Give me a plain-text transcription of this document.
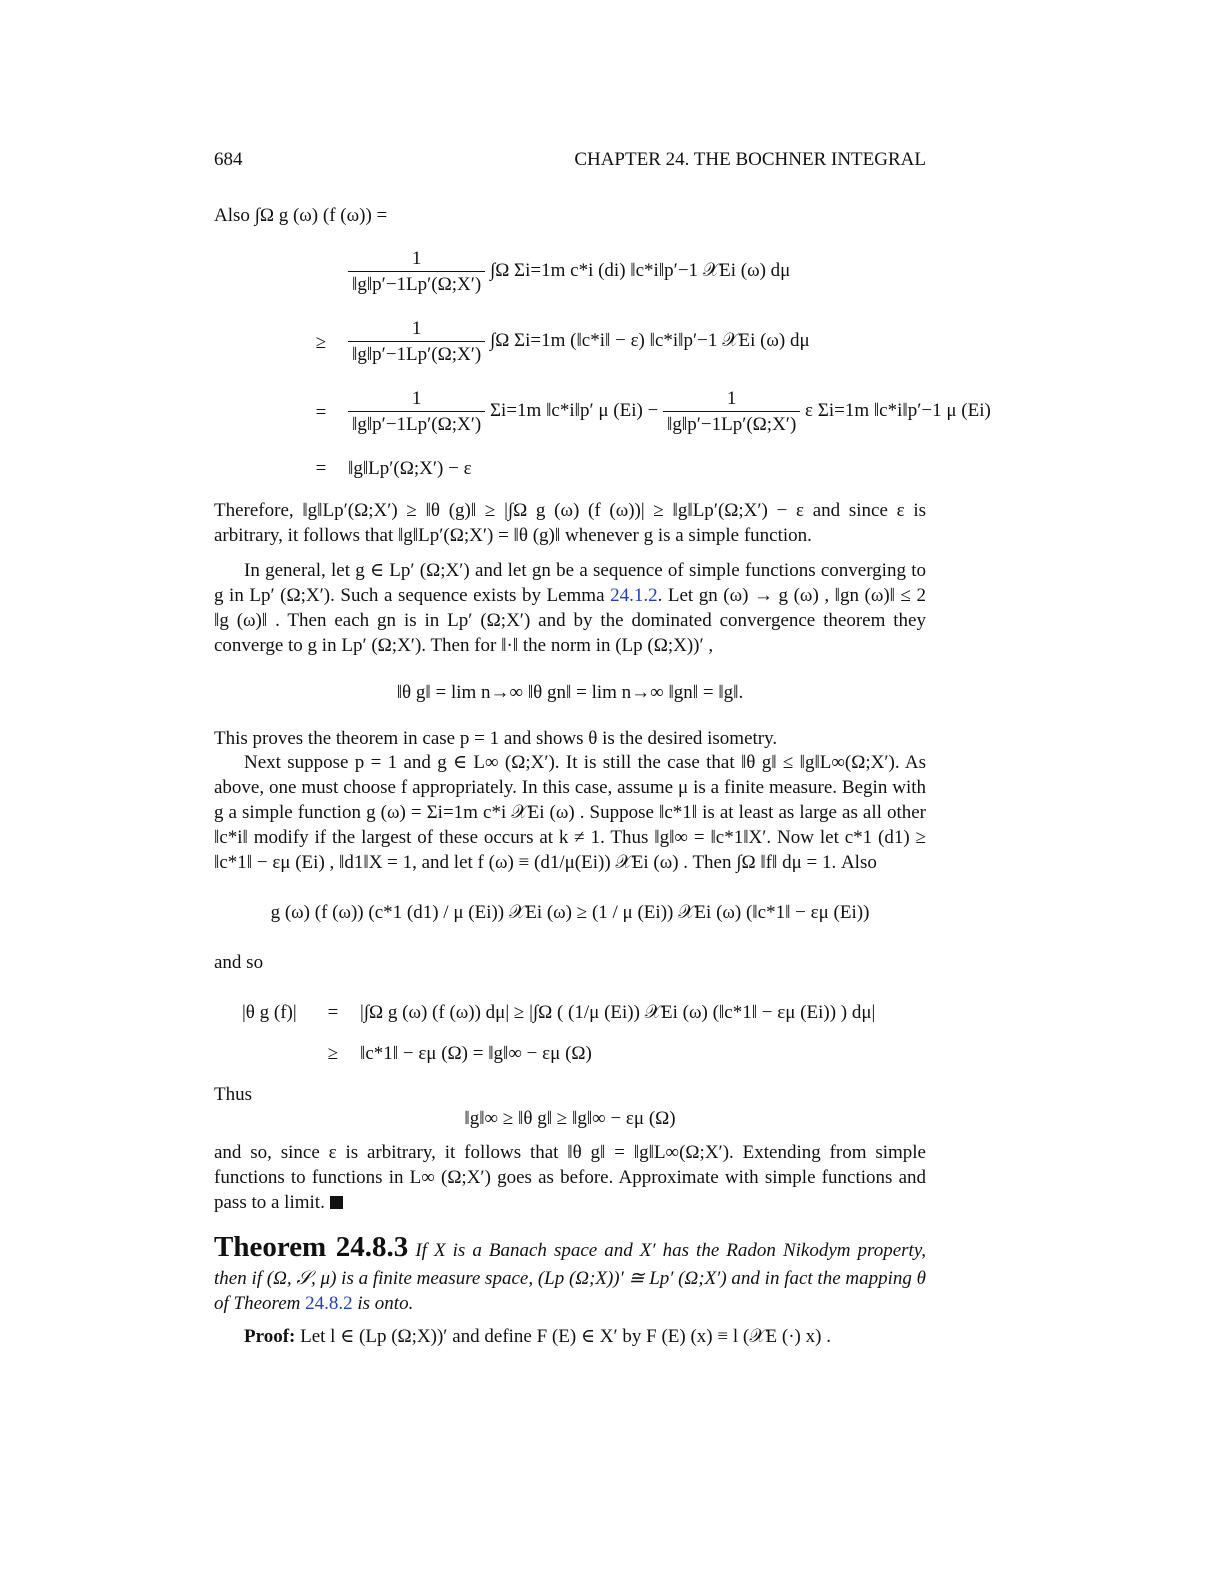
684	CHAPTER 24. THE BOCHNER INTEGRAL
Also ∫Ω g (ω) (f (ω)) =
$\frac{1}{‖g‖p'-1Lp'(\Omega;X')} \int\Omega$ Σi=1m c*i (di) ‖c*i‖p′−1 𝒳Ei (ω) dμ
≥	$\frac{1}{‖g‖p'-1Lp'(\Omega;X')} \int\Omega$ Σi=1m (‖c*i‖ − ε) ‖c*i‖p′−1 𝒳Ei (ω) dμ
=	$\frac{1}{‖g‖p'-1Lp'(\Omega;X')} \Sigma i=1m$ ‖c*i‖p′ μ $(Ei) - \frac{1}{‖g‖p'-1Lp'(\Omega;X')}$ ε Σi=1m ‖c*i‖p′−1 μ (Ei)
=	‖g‖Lp′(Ω;X′) − ε
Therefore, ‖g‖Lp′(Ω;X′) ≥ ‖θ (g)‖ ≥ |∫Ω g (ω) (f (ω))| ≥ ‖g‖Lp′(Ω;X′) − ε and since ε is arbitrary, it follows that ‖g‖Lp′(Ω;X′) = ‖θ (g)‖ whenever g is a simple function.
In general, let g ∈ Lp′ (Ω;X′) and let gn be a sequence of simple functions converging to g in Lp′ (Ω;X′). Such a sequence exists by Lemma 24.1.2. Let gn (ω) → g (ω) , ‖gn (ω)‖ ≤ 2 ‖g (ω)‖ . Then each gn is in Lp′ (Ω;X′) and by the dominated convergence theorem they converge to g in Lp′ (Ω;X′). Then for ‖·‖ the norm in (Lp (Ω;X))′ ,
‖θ g‖ = lim n→∞ ‖θ gn‖ = lim n→∞ ‖gn‖ = ‖g‖.
This proves the theorem in case p = 1 and shows θ is the desired isometry.
Next suppose p = 1 and g ∈ L∞ (Ω;X′). It is still the case that ‖θ g‖ ≤ ‖g‖L∞(Ω;X′). As above, one must choose f appropriately. In this case, assume μ is a finite measure. Begin with g a simple function g (ω) = Σi=1m c*i 𝒳Ei (ω) . Suppose ‖c*1‖ is at least as large as all other ‖c*i‖ modify if the largest of these occurs at k ≠ 1. Thus ‖g‖∞ = ‖c*1‖X′. Now let c*1 (d1) ≥ ‖c*1‖ − εμ (Ei) , ‖d1‖X = 1, and let f (ω) ≡ (d1/μ(Ei)) 𝒳Ei (ω) . Then ∫Ω ‖f‖ dμ = 1. Also
g (ω) (f (ω)) (c*1 (d1) / μ (Ei)) 𝒳Ei (ω) ≥ (1 / μ (Ei)) 𝒳Ei (ω) (‖c*1‖ − εμ (Ei))
and so
|θ g (f)|	=	|∫Ω g (ω) (f (ω)) dμ| ≥ |∫Ω ( (1/μ (Ei)) 𝒳Ei (ω) (‖c*1‖ − εμ (Ei)) ) dμ|
≥	‖c*1‖ − εμ (Ω) = ‖g‖∞ − εμ (Ω)
Thus
‖g‖∞ ≥ ‖θ g‖ ≥ ‖g‖∞ − εμ (Ω)
and so, since ε is arbitrary, it follows that ‖θ g‖ = ‖g‖L∞(Ω;X′). Extending from simple functions to functions in L∞ (Ω;X′) goes as before. Approximate with simple functions and pass to a limit.
Theorem 24.8.3 If X is a Banach space and X′ has the Radon Nikodym property, then if (Ω, 𝒮, μ) is a finite measure space, (Lp (Ω;X))′ ≅ Lp′ (Ω;X′) and in fact the mapping θ of Theorem 24.8.2 is onto.
Proof: Let l ∈ (Lp (Ω;X))′ and define F (E) ∈ X′ by F (E) (x) ≡ l (𝒳E (·) x) .
